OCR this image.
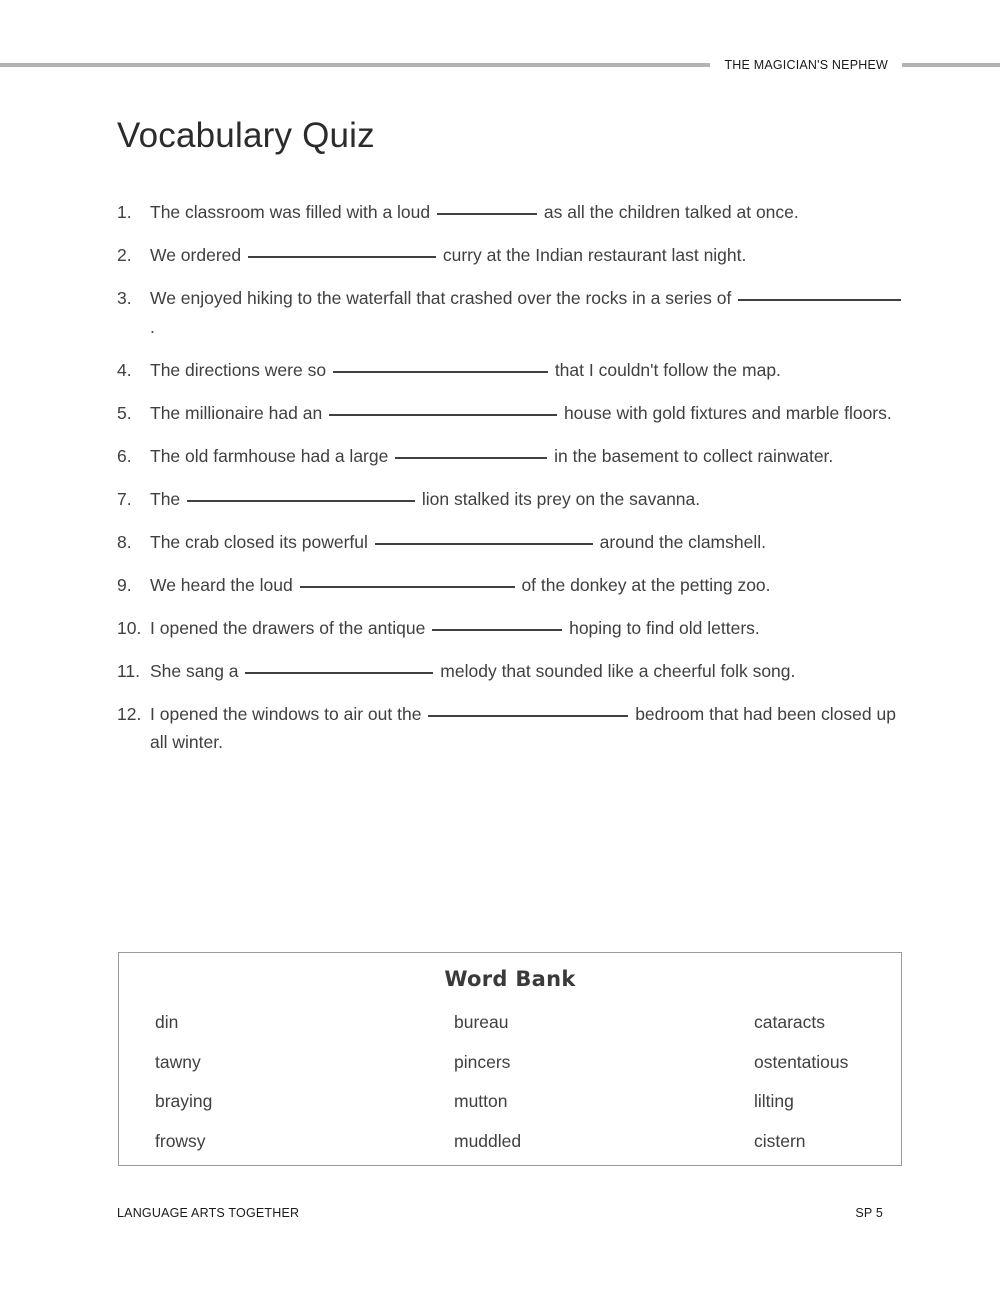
THE MAGICIAN'S NEPHEW
Vocabulary Quiz
1.	The classroom was filled with a loud	as all the children talked at once.
2.	We ordered	curry at the Indian restaurant last night.
3.	We enjoyed hiking to the waterfall that crashed over the rocks in a series of .
4.	The directions were so	that I couldn't follow the map.
5.	The millionaire had an	house with gold fixtures and marble floors.
6.	The old farmhouse had a large	in the basement to collect rainwater.
7.	The	lion stalked its prey on the savanna.
8.	The crab closed its powerful	around the clamshell.
9.	We heard the loud	of the donkey at the petting zoo.
10. I opened the drawers of the antique	hoping to find old letters.
11. She sang a	melody that sounded like a cheerful folk song.
12. I opened the windows to air out the	bedroom that had been closed up all winter.
Word Bank
din	bureau	cataracts
tawny	pincers	ostentatious
braying	mutton	lilting
frowsy	muddled	cistern
LANGUAGE ARTS TOGETHER	SP 5
